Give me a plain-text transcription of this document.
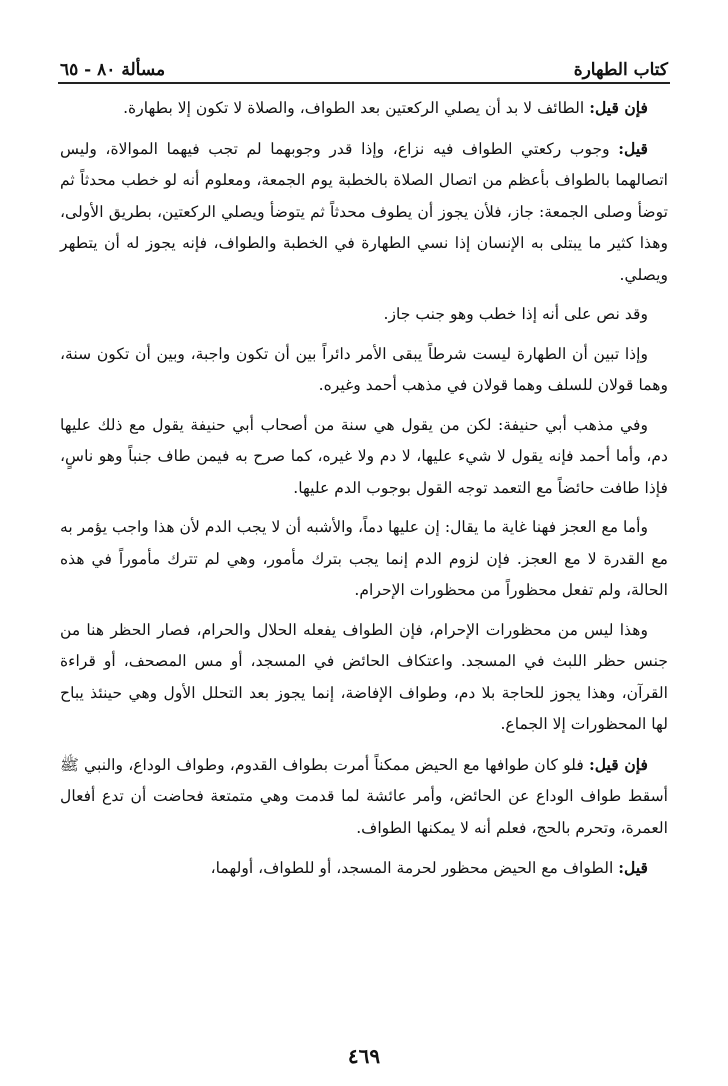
كتاب الطهارة
مسألة ٨٠ - ٦٥

فإن قيل: الطائف لا بد أن يصلي الركعتين بعد الطواف، والصلاة لا تكون إلا بطهارة.

قيل: وجوب ركعتي الطواف فيه نزاع، وإذا قدر وجوبهما لم تجب فيهما الموالاة، وليس اتصالهما بالطواف بأعظم من اتصال الصلاة بالخطبة يوم الجمعة، ومعلوم أنه لو خطب محدثاً ثم توضأ وصلى الجمعة: جاز، فلأن يجوز أن يطوف محدثاً ثم يتوضأ ويصلي الركعتين، بطريق الأولى، وهذا كثير ما يبتلى به الإنسان إذا نسي الطهارة في الخطبة والطواف، فإنه يجوز له أن يتطهر ويصلي.

وقد نص على أنه إذا خطب وهو جنب جاز.

وإذا تبين أن الطهارة ليست شرطاً يبقى الأمر دائراً بين أن تكون واجبة، وبين أن تكون سنة، وهما قولان للسلف وهما قولان في مذهب أحمد وغيره.

وفي مذهب أبي حنيفة: لكن من يقول هي سنة من أصحاب أبي حنيفة يقول مع ذلك عليها دم، وأما أحمد فإنه يقول لا شيء عليها، لا دم ولا غيره، كما صرح به فيمن طاف جنباً وهو ناسٍ، فإذا طافت حائضاً مع التعمد توجه القول بوجوب الدم عليها.

وأما مع العجز فهنا غاية ما يقال: إن عليها دماً، والأشبه أن لا يجب الدم لأن هذا واجب يؤمر به مع القدرة لا مع العجز. فإن لزوم الدم إنما يجب بترك مأمور، وهي لم تترك مأموراً في هذه الحالة، ولم تفعل محظوراً من محظورات الإحرام.

وهذا ليس من محظورات الإحرام، فإن الطواف يفعله الحلال والحرام، فصار الحظر هنا من جنس حظر اللبث في المسجد. واعتكاف الحائض في المسجد، أو مس المصحف، أو قراءة القرآن، وهذا يجوز للحاجة بلا دم، وطواف الإفاضة، إنما يجوز بعد التحلل الأول وهي حينئذ يباح لها المحظورات إلا الجماع.

فإن قيل: فلو كان طوافها مع الحيض ممكناً أمرت بطواف القدوم، وطواف الوداع، والنبي ﷺ أسقط طواف الوداع عن الحائض، وأمر عائشة لما قدمت وهي متمتعة فحاضت أن تدع أفعال العمرة، وتحرم بالحج، فعلم أنه لا يمكنها الطواف.

قيل: الطواف مع الحيض محظور لحرمة المسجد، أو للطواف، أولهما،

٤٦٩
